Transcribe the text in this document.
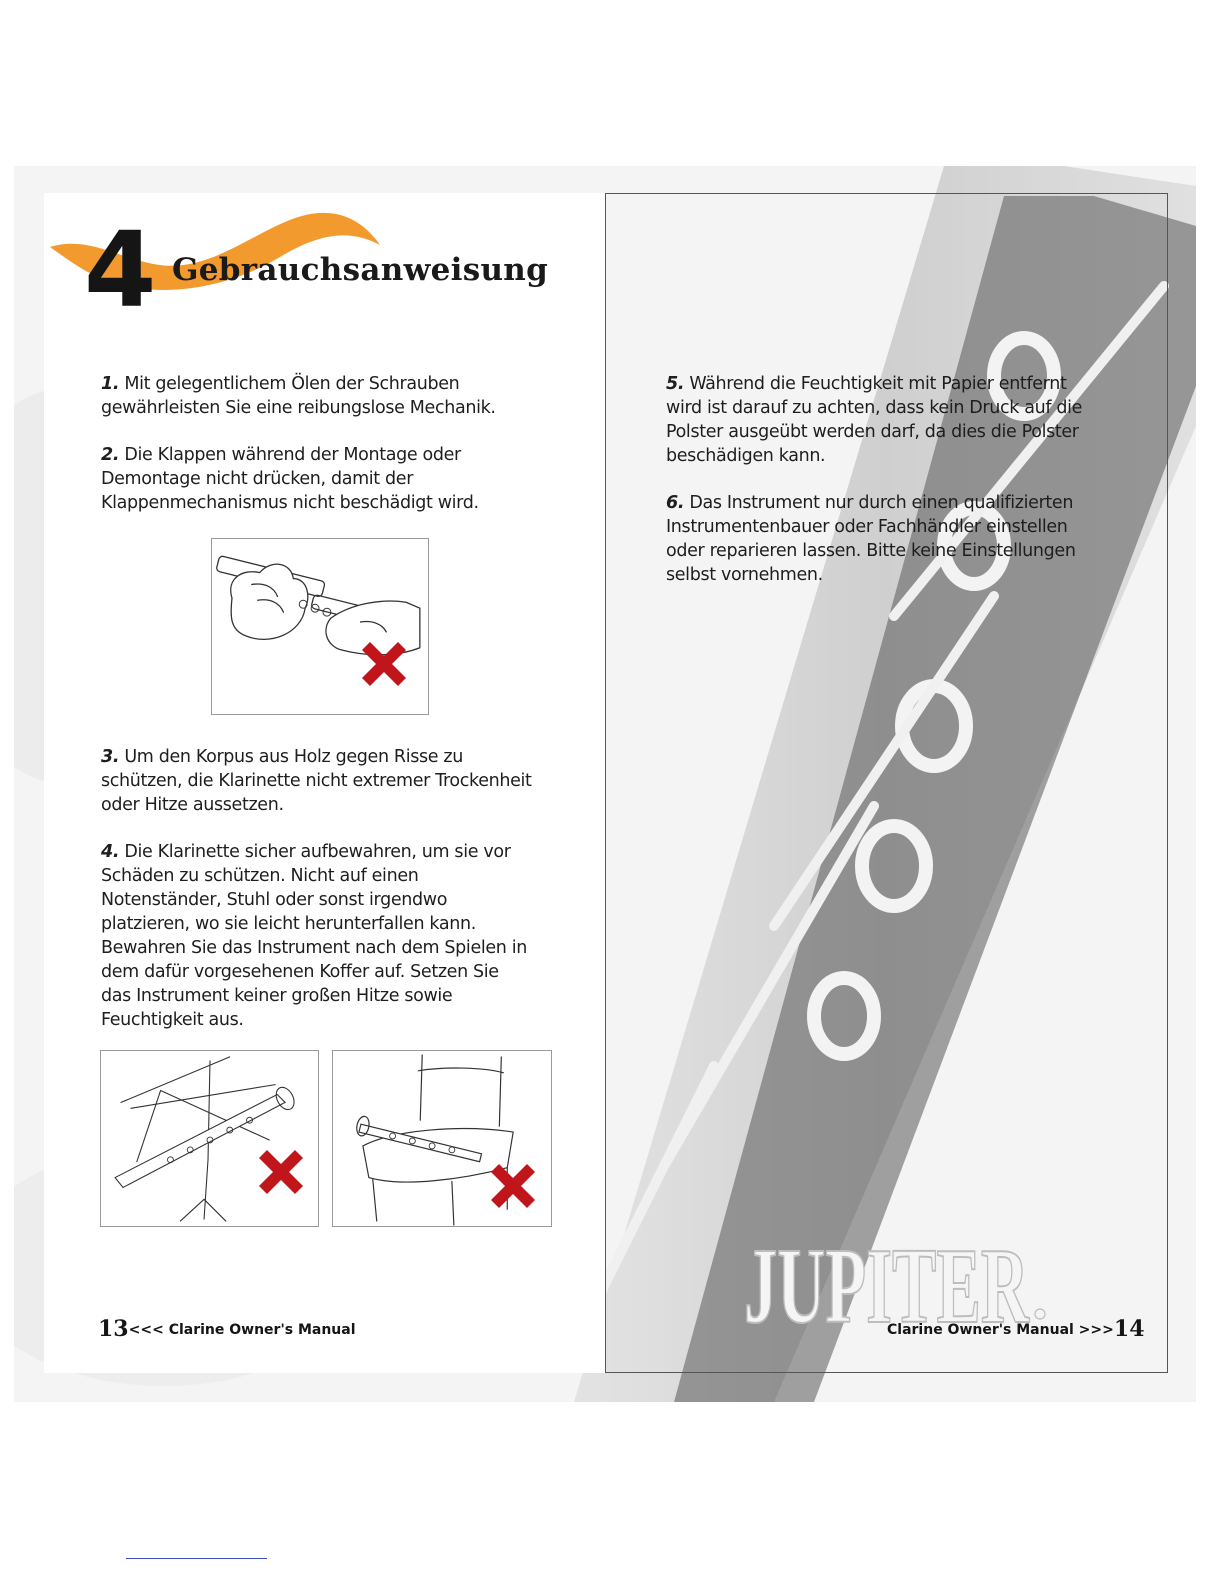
4 Gebrauchsanweisung

1. Mit gelegentlichem Ölen der Schrauben
gewährleisten Sie eine reibungslose Mechanik.

2. Die Klappen während der Montage oder
Demontage nicht drücken, damit der
Klappenmechanismus nicht beschädigt wird.

3. Um den Korpus aus Holz gegen Risse zu
schützen, die Klarinette nicht extremer Trockenheit
oder Hitze aussetzen.

4. Die Klarinette sicher aufbewahren, um sie vor
Schäden zu schützen. Nicht auf einen
Notenständer, Stuhl oder sonst irgendwo
platzieren, wo sie leicht herunterfallen kann.
Bewahren Sie das Instrument nach dem Spielen in
dem dafür vorgesehenen Koffer auf. Setzen Sie
das Instrument keiner großen Hitze sowie
Feuchtigkeit aus.

13<<< Clarine Owner's Manual

5. Während die Feuchtigkeit mit Papier entfernt
wird ist darauf zu achten, dass kein Druck auf die
Polster ausgeübt werden darf, da dies die Polster
beschädigen kann.

6. Das Instrument nur durch einen qualifizierten
Instrumentenbauer oder Fachhändler einstellen
oder reparieren lassen. Bitte keine Einstellungen
selbst vornehmen.

JUPITER
Clarine Owner's Manual >>>14
